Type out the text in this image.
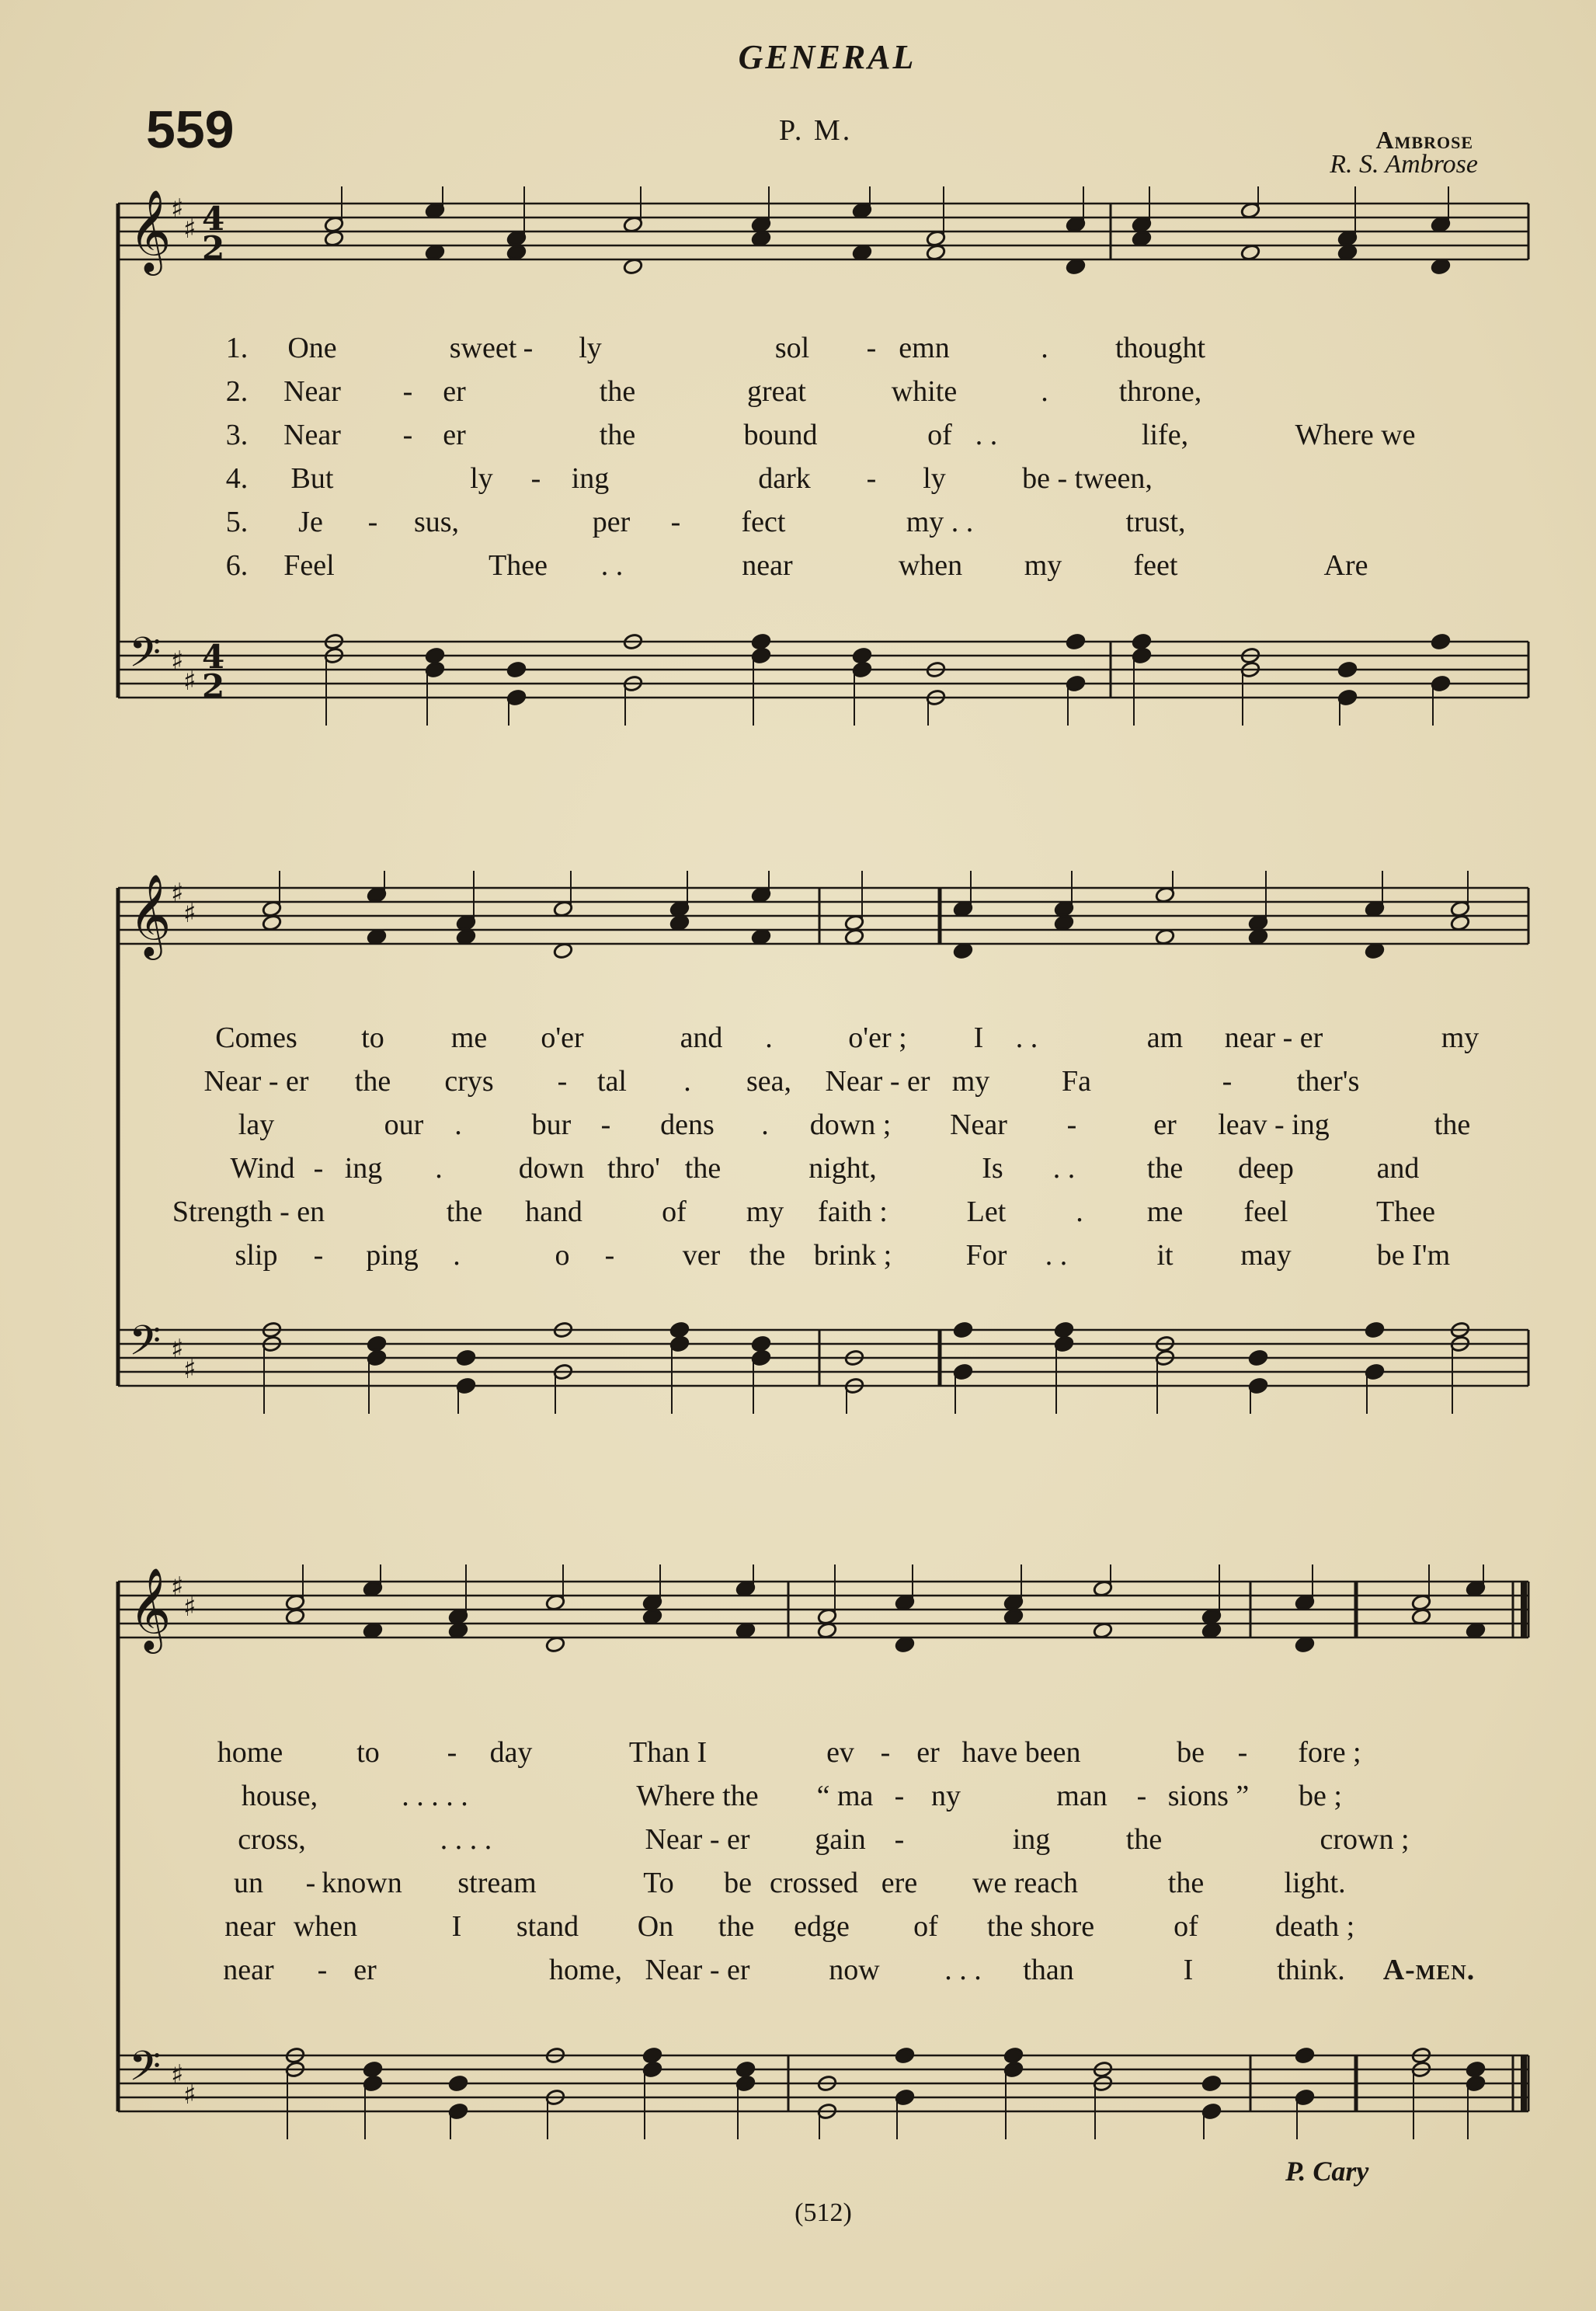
GENERAL
559	P. M.	Ambrose
R. S. Ambrose
𝄞 ♯
♯ 4
2
𝄢 ♯
♯
4
2
𝄞 ♯
♯
𝄢 ♯
♯
𝄞 ♯
♯
𝄢 ♯
♯
1. One	sweet - ly	sol - emn	. thought
2. Near - er	the	great	white	. throne,
3. Near - er	the	bound	of . .	life,	Where we
4. But	ly - ing	dark - ly	be - tween,
5. Je - sus,	per - fect	my . .	trust,
6. Feel	Thee . .	near	when my feet	Are
Comes to me o'er	and .	o'er ; I . .	am near - er	my
Near - er the crys - tal . sea, Near - er my Fa	- ther's
lay	our . bur - dens . down ; Near -	er leav - ing	the
Wind - ing .	down thro' the	night,	Is . . the deep	and
Strength - en	the hand	of my faith :	Let . me feel	Thee
slip - ping .	o - ver the brink ;	For . .	it may	be I'm
home	to - day	Than I	ev - er have been	be - fore ;
house,	. . . . .	Where the “ ma - ny	man - sions ” be ;
cross,	. . . .	Near - er gain -	ing	the	crown ;
un - known stream	To be crossed ere we reach	the	light.
near when	I stand On the edge of the shore	of	death ;
near - er	home, Near - er	now . . . than	I	think. A-men.
P. Cary
(512)
